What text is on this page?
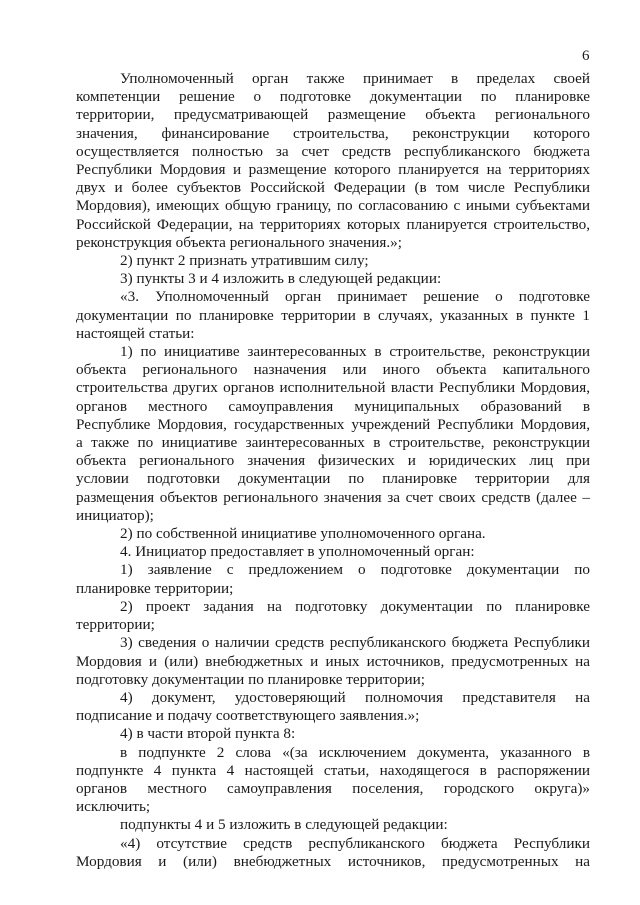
6

Уполномоченный орган также принимает в пределах своей

компетенции решение о подготовке документации по планировке

территории, предусматривающей размещение объекта регионального

значения, финансирование строительства, реконструкции которого

осуществляется полностью за счет средств республиканского бюджета

Республики Мордовия и размещение которого планируется на территориях

двух и более субъектов Российской Федерации (в том числе Республики

Мордовия), имеющих общую границу, по согласованию с иными субъектами

Российской Федерации, на территориях которых планируется строительство,

реконструкция объекта регионального значения.»;

2) пункт 2 признать утратившим силу;

3) пункты 3 и 4 изложить в следующей редакции:

«3. Уполномоченный орган принимает решение о подготовке

документации по планировке территории в случаях, указанных в пункте 1

настоящей статьи:

1) по инициативе заинтересованных в строительстве, реконструкции

объекта регионального назначения или иного объекта капитального

строительства других органов исполнительной власти Республики Мордовия,

органов местного самоуправления муниципальных образований в

Республике Мордовия, государственных учреждений Республики Мордовия,

а также по инициативе заинтересованных в строительстве, реконструкции

объекта регионального значения физических и юридических лиц при

условии подготовки документации по планировке территории для

размещения объектов регионального значения за счет своих средств (далее –

инициатор);

2) по собственной инициативе уполномоченного органа.

4. Инициатор предоставляет в уполномоченный орган:

1) заявление с предложением о подготовке документации по

планировке территории;

2) проект задания на подготовку документации по планировке

территории;

3) сведения о наличии средств республиканского бюджета Республики

Мордовия и (или) внебюджетных и иных источников, предусмотренных на

подготовку документации по планировке территории;

4) документ, удостоверяющий полномочия представителя на

подписание и подачу соответствующего заявления.»;

4) в части второй пункта 8:

в подпункте 2 слова «(за исключением документа, указанного в

подпункте 4 пункта 4 настоящей статьи, находящегося в распоряжении

органов местного самоуправления поселения, городского округа)»

исключить;

подпункты 4 и 5 изложить в следующей редакции:

«4) отсутствие средств республиканского бюджета Республики

Мордовия и (или) внебюджетных источников, предусмотренных на
